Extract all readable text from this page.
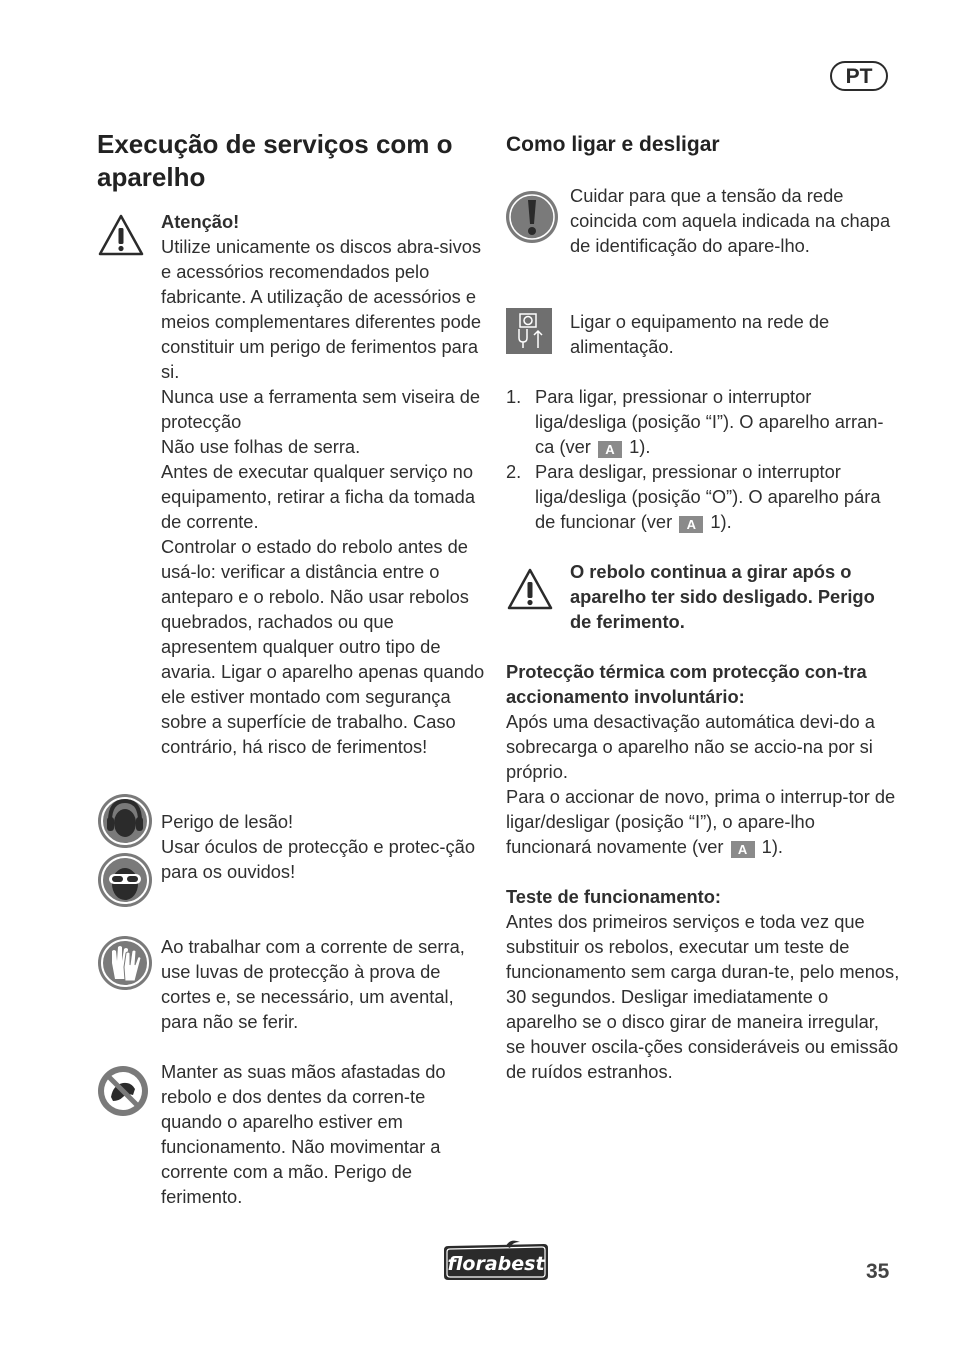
PT
Execução de serviços com o aparelho

Atenção!

Utilize unicamente os discos abra-sivos e acessórios recomendados pelo fabricante. A utilização de acessórios e meios complementares diferentes pode constituir um perigo de ferimentos para si.

Nunca use a ferramenta sem viseira de protecção

Não use folhas de serra.

Antes de executar qualquer serviço no equipamento, retirar a ficha da tomada de corrente.

Controlar o estado do rebolo antes de usá-lo: verificar a distância entre o anteparo e o rebolo. Não usar rebolos quebrados, rachados ou que apresentem qualquer outro tipo de avaria. Ligar o aparelho apenas quando ele estiver montado com segurança sobre a superfície de trabalho. Caso contrário, há risco de ferimentos!

Perigo de lesão!

Usar óculos de protecção e protec-ção para os ouvidos!

Ao trabalhar com a corrente de serra, use luvas de protecção à prova de cortes e, se necessário, um avental, para não se ferir.
Manter as suas mãos afastadas do rebolo e dos dentes da corren-te quando o aparelho estiver em funcionamento. Não movimentar a corrente com a mão. Perigo de ferimento.
Como ligar e desligar
Cuidar para que a tensão da rede coincida com aquela indicada na chapa de identificação do apare-lho.
Ligar o equipamento na rede de alimentação.
1. Para ligar, pressionar o interruptor liga/desliga (posição “I”). O aparelho arran-ca (ver A 1).
2. Para desligar, pressionar o interruptor liga/desliga (posição “O”). O aparelho pára de funcionar (ver A 1).
O rebolo continua a girar após o aparelho ter sido desligado. Perigo de ferimento.

Protecção térmica com protecção con-tra accionamento involuntário:

Após uma desactivação automática devi-do a sobrecarga o aparelho não se accio-na por si próprio.

Para o accionar de novo, prima o interrup-tor de ligar/desligar (posição “I”), o apare-lho funcionará novamente (ver A 1).

Teste de funcionamento:

Antes dos primeiros serviços e toda vez que substituir os rebolos, executar um teste de funcionamento sem carga duran-te, pelo menos, 30 segundos. Desligar imediatamente o aparelho se o disco girar de maneira irregular, se houver oscila-ções consideráveis ou emissão de ruídos estranhos.

florabest	35
